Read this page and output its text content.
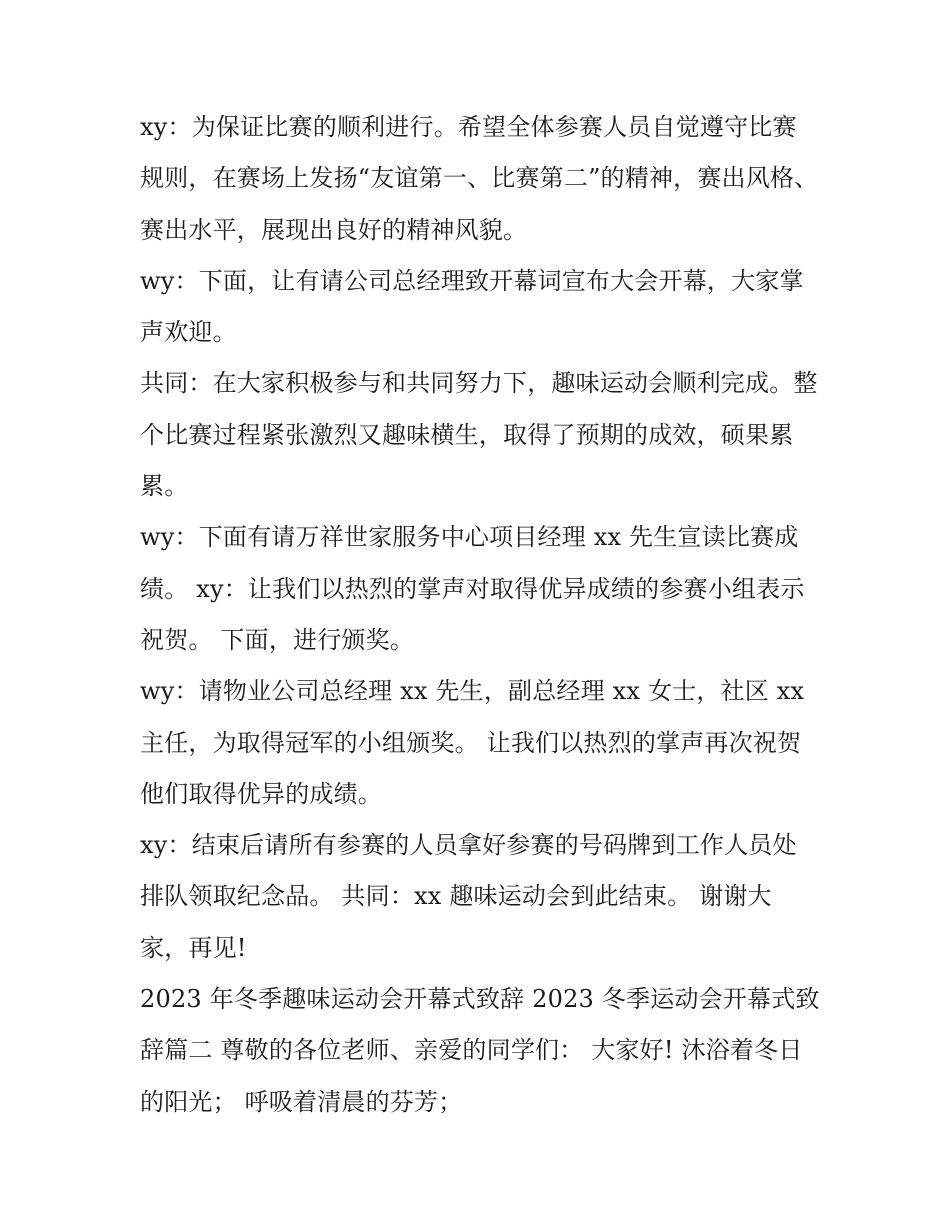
xy：为保证比赛的顺利进行。希望全体参赛人员自觉遵守比赛规则，在赛场上发扬“友谊第一、比赛第二”的精神，赛出风格、赛出水平，展现出良好的精神风貌。

wy：下面，让有请公司总经理致开幕词宣布大会开幕，大家掌声欢迎。

共同：在大家积极参与和共同努力下，趣味运动会顺利完成。整个比赛过程紧张激烈又趣味横生，取得了预期的成效，硕果累累。

wy：下面有请万祥世家服务中心项目经理 xx 先生宣读比赛成绩。 xy：让我们以热烈的掌声对取得优异成绩的参赛小组表示祝贺。 下面，进行颁奖。

wy：请物业公司总经理 xx 先生，副总经理 xx 女士，社区 xx 主任，为取得冠军的小组颁奖。 让我们以热烈的掌声再次祝贺他们取得优异的成绩。

xy：结束后请所有参赛的人员拿好参赛的号码牌到工作人员处排队领取纪念品。 共同：xx 趣味运动会到此结束。 谢谢大家，再见!

2023 年冬季趣味运动会开幕式致辞 2023 冬季运动会开幕式致辞篇二 尊敬的各位老师、亲爱的同学们： 大家好! 沐浴着冬日的阳光； 呼吸着清晨的芬芳；
